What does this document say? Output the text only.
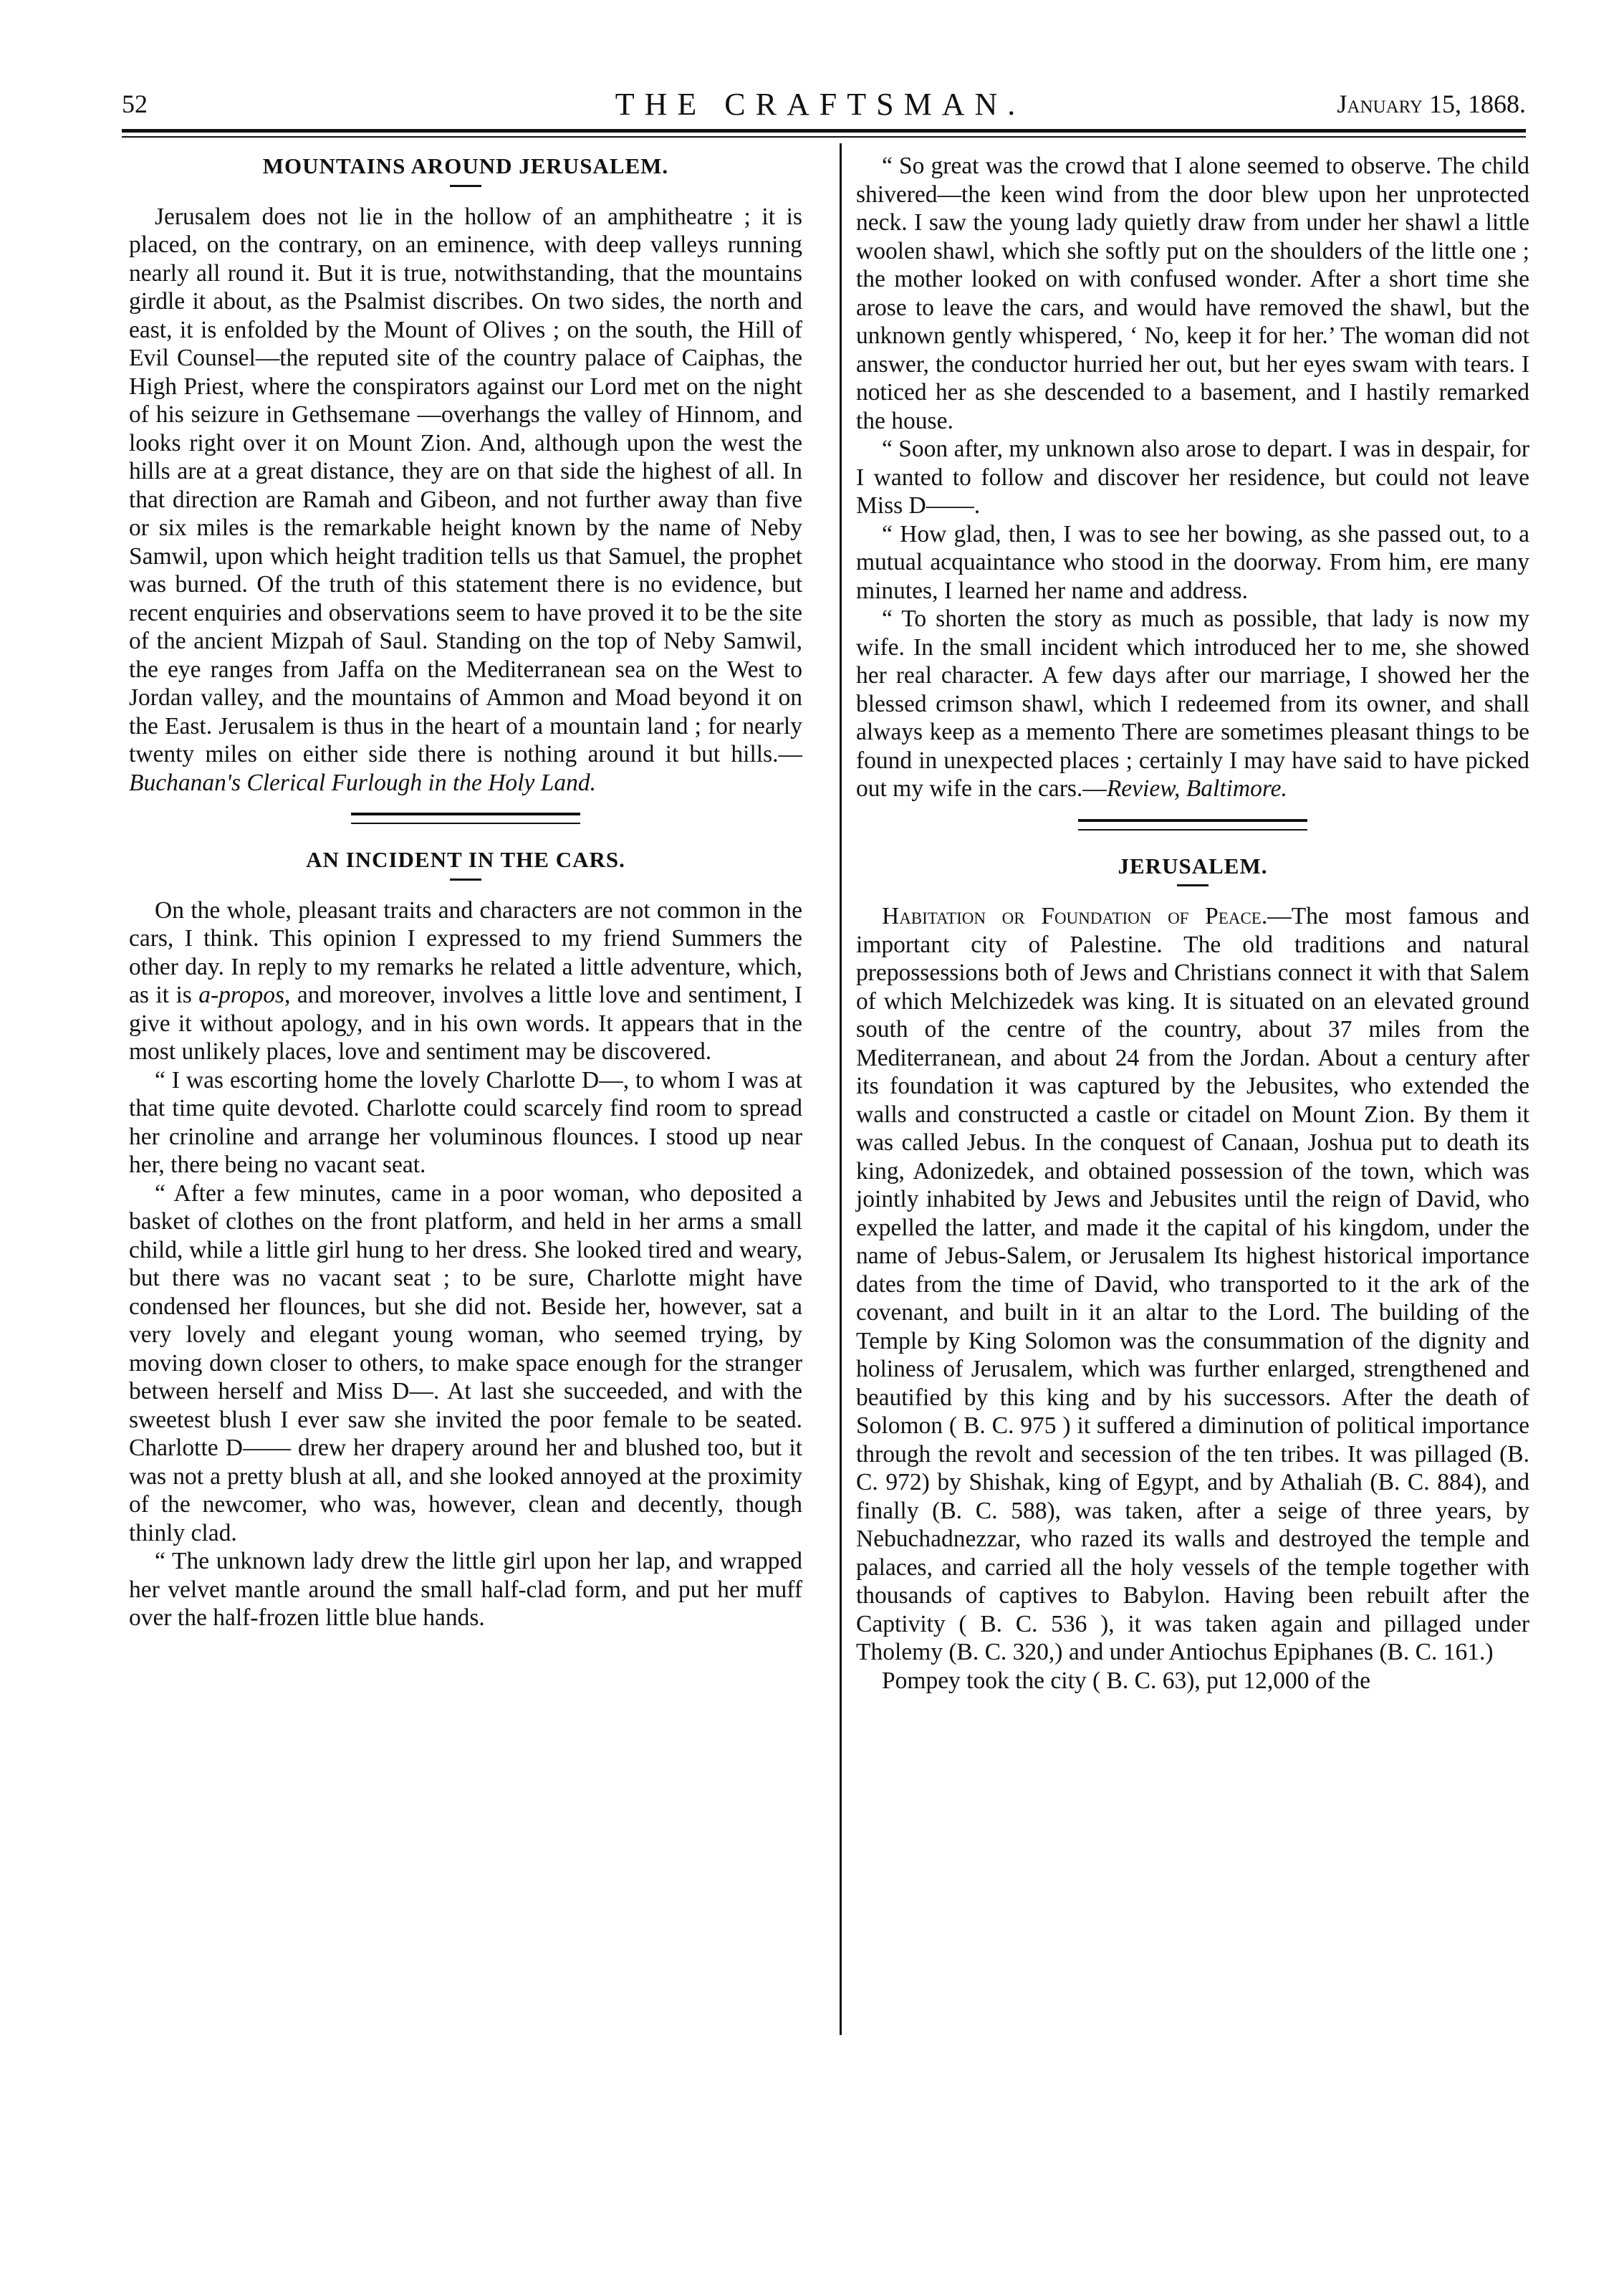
52	THE CRAFTSMAN.	January 15, 1868.
MOUNTAINS AROUND JERUSALEM.

Jerusalem does not lie in the hollow of an amphitheatre ; it is placed, on the contrary, on an eminence, with deep valleys running nearly all round it. But it is true, notwithstanding, that the mountains girdle it about, as the Psalmist discribes. On two sides, the north and east, it is enfolded by the Mount of Olives ; on the south, the Hill of Evil Counsel—the reputed site of the country palace of Caiphas, the High Priest, where the conspirators against our Lord met on the night of his seizure in Gethsemane —overhangs the valley of Hinnom, and looks right over it on Mount Zion. And, although upon the west the hills are at a great distance, they are on that side the highest of all. In that direction are Ramah and Gibeon, and not further away than five or six miles is the remarkable height known by the name of Neby Samwil, upon which height tradition tells us that Samuel, the prophet was burned. Of the truth of this statement there is no evidence, but recent enquiries and observations seem to have proved it to be the site of the ancient Mizpah of Saul. Standing on the top of Neby Samwil, the eye ranges from Jaffa on the Mediterranean sea on the West to Jordan valley, and the mountains of Ammon and Moad beyond it on the East. Jerusalem is thus in the heart of a mountain land ; for nearly twenty miles on either side there is nothing around it but hills.—Buchanan's Clerical Furlough in the Holy Land.

AN INCIDENT IN THE CARS.

On the whole, pleasant traits and characters are not common in the cars, I think. This opinion I expressed to my friend Summers the other day. In reply to my remarks he related a little adventure, which, as it is a-propos, and moreover, involves a little love and sentiment, I give it without apology, and in his own words. It appears that in the most unlikely places, love and sentiment may be discovered.

“ I was escorting home the lovely Charlotte D—, to whom I was at that time quite devoted. Charlotte could scarcely find room to spread her crinoline and arrange her voluminous flounces. I stood up near her, there being no vacant seat.

“ After a few minutes, came in a poor woman, who deposited a basket of clothes on the front platform, and held in her arms a small child, while a little girl hung to her dress. She looked tired and weary, but there was no vacant seat ; to be sure, Charlotte might have condensed her flounces, but she did not. Beside her, however, sat a very lovely and elegant young woman, who seemed trying, by moving down closer to others, to make space enough for the stranger between herself and Miss D—. At last she succeeded, and with the sweetest blush I ever saw she invited the poor female to be seated. Charlotte D—— drew her drapery around her and blushed too, but it was not a pretty blush at all, and she looked annoyed at the proximity of the newcomer, who was, however, clean and decently, though thinly clad.

“ The unknown lady drew the little girl upon her lap, and wrapped her velvet mantle around the small half-clad form, and put her muff over the half-frozen little blue hands.

“ So great was the crowd that I alone seemed to observe. The child shivered—the keen wind from the door blew upon her unprotected neck. I saw the young lady quietly draw from under her shawl a little woolen shawl, which she softly put on the shoulders of the little one ; the mother looked on with confused wonder. After a short time she arose to leave the cars, and would have removed the shawl, but the unknown gently whispered, ‘ No, keep it for her.’ The woman did not answer, the conductor hurried her out, but her eyes swam with tears. I noticed her as she descended to a basement, and I hastily remarked the house.

“ Soon after, my unknown also arose to depart. I was in despair, for I wanted to follow and discover her residence, but could not leave Miss D——.

“ How glad, then, I was to see her bowing, as she passed out, to a mutual acquaintance who stood in the doorway. From him, ere many minutes, I learned her name and address.

“ To shorten the story as much as possible, that lady is now my wife. In the small incident which introduced her to me, she showed her real character. A few days after our marriage, I showed her the blessed crimson shawl, which I redeemed from its owner, and shall always keep as a memento There are sometimes pleasant things to be found in unexpected places ; certainly I may have said to have picked out my wife in the cars.—Review, Baltimore.

JERUSALEM.

Habitation or Foundation of Peace.—The most famous and important city of Palestine. The old traditions and natural prepossessions both of Jews and Christians connect it with that Salem of which Melchizedek was king. It is situated on an elevated ground south of the centre of the country, about 37 miles from the Mediterranean, and about 24 from the Jordan. About a century after its foundation it was captured by the Jebusites, who extended the walls and constructed a castle or citadel on Mount Zion. By them it was called Jebus. In the conquest of Canaan, Joshua put to death its king, Adonizedek, and obtained possession of the town, which was jointly inhabited by Jews and Jebusites until the reign of David, who expelled the latter, and made it the capital of his kingdom, under the name of Jebus-Salem, or Jerusalem Its highest historical importance dates from the time of David, who transported to it the ark of the covenant, and built in it an altar to the Lord. The building of the Temple by King Solomon was the consummation of the dignity and holiness of Jerusalem, which was further enlarged, strengthened and beautified by this king and by his successors. After the death of Solomon ( B. C. 975 ) it suffered a diminution of political importance through the revolt and secession of the ten tribes. It was pillaged (B. C. 972) by Shishak, king of Egypt, and by Athaliah (B. C. 884), and finally (B. C. 588), was taken, after a seige of three years, by Nebuchadnezzar, who razed its walls and destroyed the temple and palaces, and carried all the holy vessels of the temple together with thousands of captives to Babylon. Having been rebuilt after the Captivity ( B. C. 536 ), it was taken again and pillaged under Tholemy (B. C. 320,) and under Antiochus Epiphanes (B. C. 161.)

Pompey took the city ( B. C. 63), put 12,000 of the
